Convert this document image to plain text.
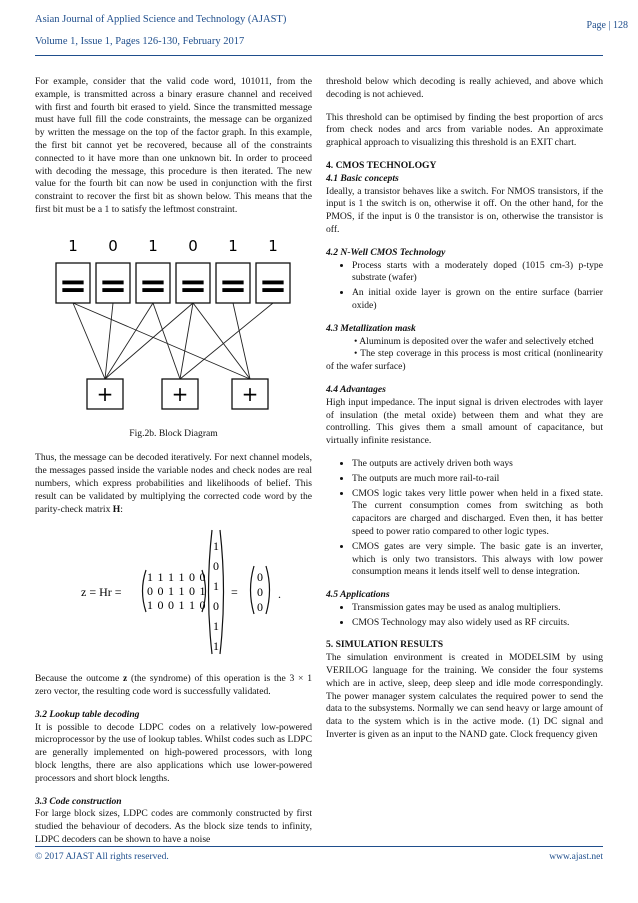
Asian Journal of Applied Science and Technology (AJAST)
Volume 1, Issue 1, Pages 126-130, February 2017
Page | 128

For example, consider that the valid code word, 101011, from the example, is transmitted across a binary erasure channel and received with first and fourth bit erased to yield. Since the transmitted message must have full fill the code constraints, the message can be organized by written the message on the top of the factor graph. In this example, the first bit cannot yet be recovered, because all of the constraints connected to it have more than one unknown bit. In order to proceed with decoding the message, this procedure is then iterated. The new value for the fourth bit can now be used in conjunction with the first constraint to recover the first bit as shown below. This means that the first bit must be a 1 to satisfy the leftmost constraint.

1 0 1 0 1 1
= = = = = =
+	+	+
Fig.2b. Block Diagram

Thus, the message can be decoded iteratively. For next channel models, the messages passed inside the variable nodes and check nodes are real numbers, which express probabilities and likelihoods of belief. This result can be validated by multiplying the corrected code word by the parity-check matrix H:

z = Hr =
1 1 1 1 0 0
0 0 1 1 0 1
1 0 0 1 1 0
1
0
1
0
1
1
=
0
0
0
.

Because the outcome z (the syndrome) of this operation is the 3 × 1 zero vector, the resulting code word is successfully validated.

3.2 Lookup table decoding

It is possible to decode LDPC codes on a relatively low-powered microprocessor by the use of lookup tables. Whilst codes such as LDPC are generally implemented on high-powered processors, with long block lengths, there are also applications which use lower-powered processors and short block lengths.

3.3 Code construction

For large block sizes, LDPC codes are commonly constructed by first studied the behaviour of decoders. As the block size tends to infinity, LDPC decoders can be shown to have a noise

threshold below which decoding is really achieved, and above which decoding is not achieved.

This threshold can be optimised by finding the best proportion of arcs from check nodes and arcs from variable nodes. An approximate graphical approach to visualizing this threshold is an EXIT chart.

4. CMOS TECHNOLOGY
4.1 Basic concepts

Ideally, a transistor behaves like a switch. For NMOS transistors, if the input is 1 the switch is on, otherwise it off. On the other hand, for the PMOS, if the input is 0 the transistor is on, otherwise the transistor is off.

4.2 N-Well CMOS Technology
• Process starts with a moderately doped (1015 cm-3) p-type substrate (wafer)
• An initial oxide layer is grown on the entire surface (barrier oxide)
4.3 Metallization mask

• Aluminum is deposited over the wafer and selectively etched

• The step coverage in this process is most critical (nonlinearity of the wafer surface)

4.4 Advantages

High input impedance. The input signal is driven electrodes with layer of insulation (the metal oxide) between them and what they are controlling. This gives them a small amount of capacitance, but virtually infinite resistance.

• The outputs are actively driven both ways
• The outputs are much more rail-to-rail
• CMOS logic takes very little power when held in a fixed state. The current consumption comes from switching as both capacitors are charged and discharged. Even then, it has better speed to power ratio compared to other logic types.
• CMOS gates are very simple. The basic gate is an inverter, which is only two transistors. This always with low power consumption means it lends itself well to dense integration.
4.5 Applications
• Transmission gates may be used as analog multipliers.
• CMOS Technology may also widely used as RF circuits.
5. SIMULATION RESULTS

The simulation environment is created in MODELSIM by using VERILOG language for the training. We consider the four systems which are in active, sleep, deep sleep and idle mode correspondingly. The power manager system calculates the required power to send the data to the subsystems. Normally we can send heavy or large amount of data to the system which is in the active mode. (1) DC signal and Inverter is given as an input to the NAND gate. Clock frequency given

© 2017 AJAST All rights reserved.	www.ajast.net
